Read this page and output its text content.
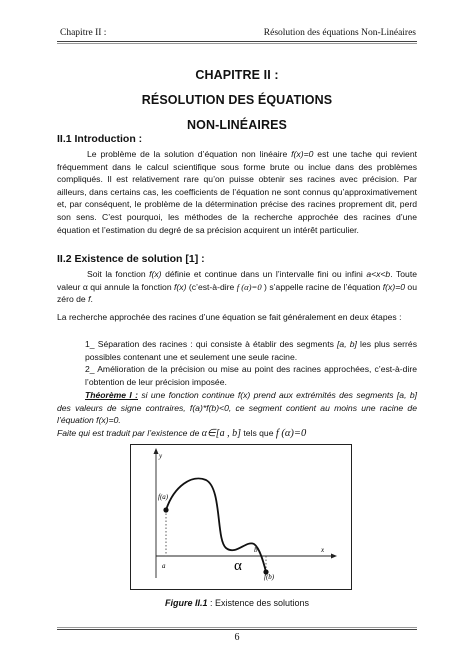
Chapitre II :	Résolution des équations Non-Linéaires
CHAPITRE II :
RÉSOLUTION DES ÉQUATIONS
NON-LINÉAIRES
II.1 Introduction :

Le problème de la solution d’équation non linéaire f(x)=0 est une tache qui revient fréquemment dans le calcul scientifique sous forme brute ou inclue dans des problèmes compliqués. Il est relativement rare qu’on puisse obtenir ses racines avec précision. Par ailleurs, dans certains cas, les coefficients de l’équation ne sont connus qu’approximativement et, par conséquent, le problème de la détermination précise des racines proprement dit, perd son sens. C’est pourquoi, les méthodes de la recherche approchée des racines d’une équation et l’estimation du degré de sa précision acquirent un intérêt particulier.

II.2 Existence de solution [1] :

Soit la fonction f(x) définie et continue dans un l’intervalle fini ou infini a<x<b. Toute valeur α qui annule la fonction f(x) (c’est-à-dire f (α)=0 ) s’appelle racine de l’équation f(x)=0 ou zéro de f.

La recherche approchée des racines d’une équation se fait généralement en deux étapes :

1_ Séparation des racines : qui consiste à établir des segments [a, b] les plus serrés possibles contenant une et seulement une seule racine.

2_ Amélioration de la précision ou mise au point des racines approchées, c’est-à-dire l’obtention de leur précision imposée.

Théorème I : si une fonction continue f(x) prend aux extrémités des segments [a, b] des valeurs de signe contraires, f(a)*f(b)<0, ce segment contient au moins une racine de l’équation f(x)=0.

Faite qui est traduit par l’existence de α∈[a , b] tels que f (α)=0

y
f(a)
x
a
b
α
f(b)
Figure II.1 : Existence des solutions
6
